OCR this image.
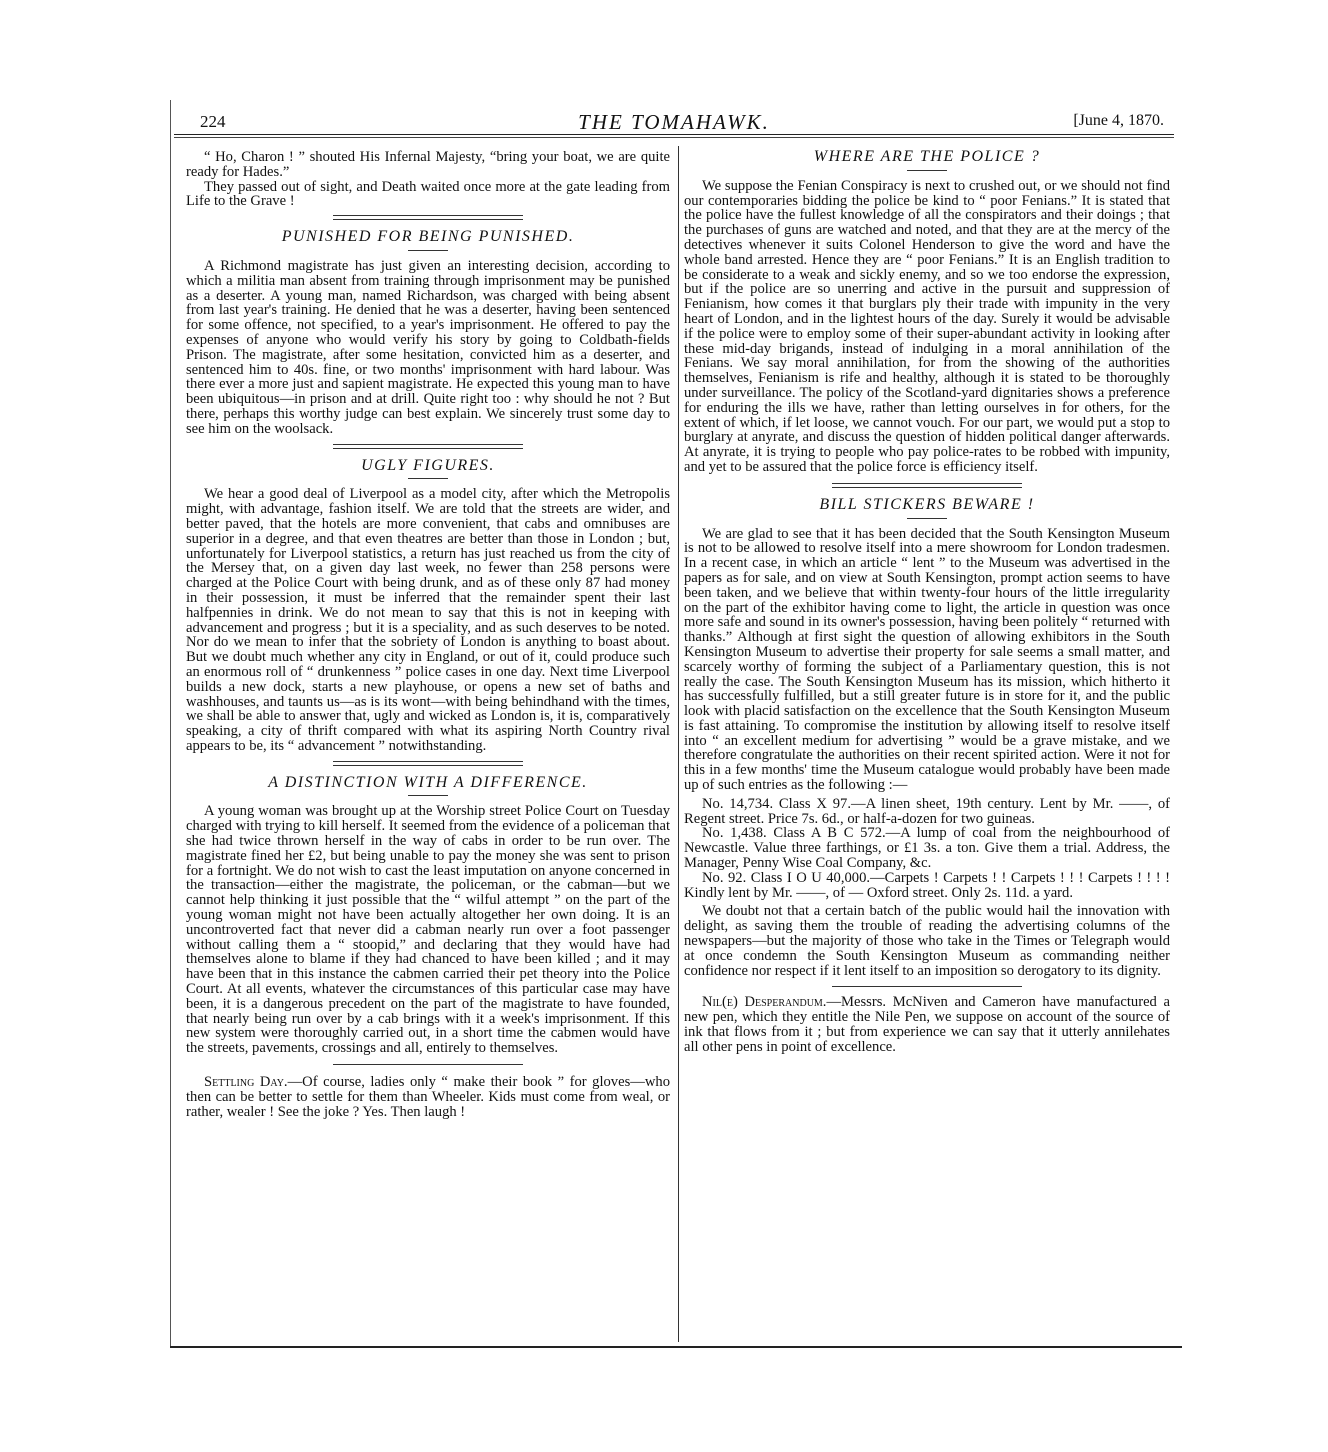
224	THE TOMAHAWK.	[June 4, 1870.

“ Ho, Charon ! ” shouted His Infernal Majesty, “bring your boat, we are quite ready for Hades.”

They passed out of sight, and Death waited once more at the gate leading from Life to the Grave !

PUNISHED FOR BEING PUNISHED.

A Richmond magistrate has just given an interesting decision, according to which a militia man absent from training through imprisonment may be punished as a deserter. A young man, named Richardson, was charged with being absent from last year's training. He denied that he was a deserter, having been sentenced for some offence, not specified, to a year's imprisonment. He offered to pay the expenses of anyone who would verify his story by going to Coldbath-fields Prison. The magistrate, after some hesitation, convicted him as a deserter, and sentenced him to 40s. fine, or two months' imprisonment with hard labour. Was there ever a more just and sapient magistrate. He expected this young man to have been ubiquitous—in prison and at drill. Quite right too : why should he not ? But there, perhaps this worthy judge can best explain. We sincerely trust some day to see him on the woolsack.

UGLY FIGURES.

We hear a good deal of Liverpool as a model city, after which the Metropolis might, with advantage, fashion itself. We are told that the streets are wider, and better paved, that the hotels are more convenient, that cabs and omnibuses are superior in a degree, and that even theatres are better than those in London ; but, unfortunately for Liverpool statistics, a return has just reached us from the city of the Mersey that, on a given day last week, no fewer than 258 persons were charged at the Police Court with being drunk, and as of these only 87 had money in their possession, it must be inferred that the remainder spent their last halfpennies in drink. We do not mean to say that this is not in keeping with advancement and progress ; but it is a speciality, and as such deserves to be noted. Nor do we mean to infer that the sobriety of London is anything to boast about. But we doubt much whether any city in England, or out of it, could produce such an enormous roll of “ drunkenness ” police cases in one day. Next time Liverpool builds a new dock, starts a new playhouse, or opens a new set of baths and washhouses, and taunts us—as is its wont—with being behindhand with the times, we shall be able to answer that, ugly and wicked as London is, it is, comparatively speaking, a city of thrift compared with what its aspiring North Country rival appears to be, its “ advancement ” notwithstanding.

A DISTINCTION WITH A DIFFERENCE.

A young woman was brought up at the Worship street Police Court on Tuesday charged with trying to kill herself. It seemed from the evidence of a policeman that she had twice thrown herself in the way of cabs in order to be run over. The magistrate fined her £2, but being unable to pay the money she was sent to prison for a fortnight. We do not wish to cast the least imputation on anyone concerned in the transaction—either the magistrate, the policeman, or the cabman—but we cannot help thinking it just possible that the “ wilful attempt ” on the part of the young woman might not have been actually altogether her own doing. It is an uncontroverted fact that never did a cabman nearly run over a foot passenger without calling them a “ stoopid,” and declaring that they would have had themselves alone to blame if they had chanced to have been killed ; and it may have been that in this instance the cabmen carried their pet theory into the Police Court. At all events, whatever the circumstances of this particular case may have been, it is a dangerous precedent on the part of the magistrate to have founded, that nearly being run over by a cab brings with it a week's imprisonment. If this new system were thoroughly carried out, in a short time the cabmen would have the streets, pavements, crossings and all, entirely to themselves.

Settling Day.—Of course, ladies only “ make their book ” for gloves—who then can be better to settle for them than Wheeler. Kids must come from weal, or rather, wealer ! See the joke ? Yes. Then laugh !

WHERE ARE THE POLICE ?

We suppose the Fenian Conspiracy is next to crushed out, or we should not find our contemporaries bidding the police be kind to “ poor Fenians.” It is stated that the police have the fullest knowledge of all the conspirators and their doings ; that the purchases of guns are watched and noted, and that they are at the mercy of the detectives whenever it suits Colonel Henderson to give the word and have the whole band arrested. Hence they are “ poor Fenians.” It is an English tradition to be considerate to a weak and sickly enemy, and so we too endorse the expression, but if the police are so unerring and active in the pursuit and suppression of Fenianism, how comes it that burglars ply their trade with impunity in the very heart of London, and in the lightest hours of the day. Surely it would be advisable if the police were to employ some of their super-abundant activity in looking after these mid-day brigands, instead of indulging in a moral annihilation of the Fenians. We say moral annihilation, for from the showing of the authorities themselves, Fenianism is rife and healthy, although it is stated to be thoroughly under surveillance. The policy of the Scotland-yard dignitaries shows a preference for enduring the ills we have, rather than letting ourselves in for others, for the extent of which, if let loose, we cannot vouch. For our part, we would put a stop to burglary at anyrate, and discuss the question of hidden political danger afterwards. At anyrate, it is trying to people who pay police-rates to be robbed with impunity, and yet to be assured that the police force is efficiency itself.

BILL STICKERS BEWARE !

We are glad to see that it has been decided that the South Kensington Museum is not to be allowed to resolve itself into a mere showroom for London tradesmen. In a recent case, in which an article “ lent ” to the Museum was advertised in the papers as for sale, and on view at South Kensington, prompt action seems to have been taken, and we believe that within twenty-four hours of the little irregularity on the part of the exhibitor having come to light, the article in question was once more safe and sound in its owner's possession, having been politely “ returned with thanks.” Although at first sight the question of allowing exhibitors in the South Kensington Museum to advertise their property for sale seems a small matter, and scarcely worthy of forming the subject of a Parliamentary question, this is not really the case. The South Kensington Museum has its mission, which hitherto it has successfully fulfilled, but a still greater future is in store for it, and the public look with placid satisfaction on the excellence that the South Kensington Museum is fast attaining. To compromise the institution by allowing itself to resolve itself into “ an excellent medium for advertising ” would be a grave mistake, and we therefore congratulate the authorities on their recent spirited action. Were it not for this in a few months' time the Museum catalogue would probably have been made up of such entries as the following :—

No. 14,734. Class X 97.—A linen sheet, 19th century. Lent by Mr. ——, of Regent street. Price 7s. 6d., or half-a-dozen for two guineas.

No. 1,438. Class A B C 572.—A lump of coal from the neighbourhood of Newcastle. Value three farthings, or £1 3s. a ton. Give them a trial. Address, the Manager, Penny Wise Coal Company, &c.

No. 92. Class I O U 40,000.—Carpets ! Carpets ! ! Carpets ! ! ! Carpets ! ! ! ! Kindly lent by Mr. ——, of — Oxford street. Only 2s. 11d. a yard.

We doubt not that a certain batch of the public would hail the innovation with delight, as saving them the trouble of reading the advertising columns of the newspapers—but the majority of those who take in the Times or Telegraph would at once condemn the South Kensington Museum as commanding neither confidence nor respect if it lent itself to an imposition so derogatory to its dignity.

Nil(e) Desperandum.—Messrs. McNiven and Cameron have manufactured a new pen, which they entitle the Nile Pen, we suppose on account of the source of ink that flows from it ; but from experience we can say that it utterly annilehates all other pens in point of excellence.
